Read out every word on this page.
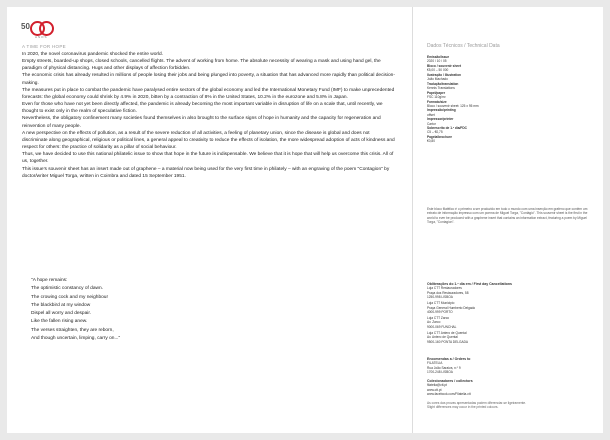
50
ANOS
A TIME FOR HOPE

In 2020, the novel coronavirus pandemic shocked the entire world.

Empty streets, boarded-up shops, closed schools, cancelled flights. The advent of working from home. The absolute necessity of wearing a mask and using hand gel, the paradigm of physical distancing. Hugs and other displays of affection forbidden.

The economic crisis has already resulted in millions of people losing their jobs and being plunged into poverty, a situation that has advanced more rapidly than political decision-making.

The measures put in place to combat the pandemic have paralysed entire sectors of the global economy and led the International Monetary Fund (IMF) to make unprecedented forecasts: the global economy could shrink by 4.9% in 2020, bitten by a contraction of 8% in the United States, 10.2% in the eurozone and 5.8% in Japan.

Even for those who have not yet been directly affected, the pandemic is already becoming the most important variable in disruption of life on a scale that, until recently, we thought to exist only in the realm of speculative fiction.

Nevertheless, the obligatory confinement many societies found themselves in also brought to the surface signs of hope in humanity and the capacity for regeneration and reinvention of many people.

A new perspective on the effects of pollution, as a result of the severe reduction of all activities, a feeling of planetary union, since the disease is global and does not discriminate along geographical, religious or political lines, a general appeal to creativity to reduce the effects of isolation, the more widespread adoption of acts of kindness and respect for others: the practice of solidarity as a pillar of social behaviour.

Thus, we have decided to use this national philatelic issue to show that hope in the future is indispensable. We believe that it is hope that will help us overcome this crisis. All of us, together.

This issue's souvenir sheet has an insert made out of graphene – a material now being used for the very first time in philately – with an engraving of the poem "Contagion" by doctor/writer Miguel Torga, written in Coimbra and dated 15 September 1951.

"A hope remains:
The optimistic constancy of dawn.
The crowing cock and my neighbour
The blackbird at my window
Dispel all worry and despair.
Like the fallen rising anew.
The verses straighten, they are reborn,
And though uncertain, limping, carry on..."
Dados Técnicos / Technical Data
Emissão/Issue
2020 / 10 / 05
Bloco / souvenir sheet
€5,00 – 50 000
Ilustração / Illustration
João Machado
Tradução/translation
Kennis Translations
Papel/paper
FSC 110g/m²
Formato/size
Bloco / souvenir sheet: 125 x 95 mm
Impressão/printing
offset
Impressor/printer
Cartor
Sobrescrito de 1.º dia/FDC
C5 – €0,75
Pagela/brochure
€0,80
Este bloco filatélico é o primeiro a ser produzido em todo o mundo com uma inserção em grafeno que contém um extrato de informação impresso com um poema de Miguel Torga, "Contágio". This souvenir sheet is the first in the world to ever be produced with a graphene insert that contains an information extract, featuring a poem by Miguel Torga, "Contagion".
Obliterações do 1.º dia em / First day Cancellations
Loja CTT Restauradores
Praça dos Restauradores, 58
1250-998 LISBOA
Loja CTT Municipio
Praça General Humberto Delgado
4000-999 PORTO
Loja CTT Zarco
Av. Zarco
9000-069 FUNCHAL
Loja CTT Antero de Quental
Av. Antero de Quental
9500-160 PONTA DELGADA
Encomendas a / Orders to
FILATELIA
Rua João Saraiva, n.º 9
1700-248 LISBOA
Colecionadores / collectors
filatelia@ctt.pt
www.ctt.pt
www.facebook.com/Filatelia.ctt
As cores das provas apresentadas podem diferenciar-se ligeiramente.
Slight differences may occur in the printed colours.
